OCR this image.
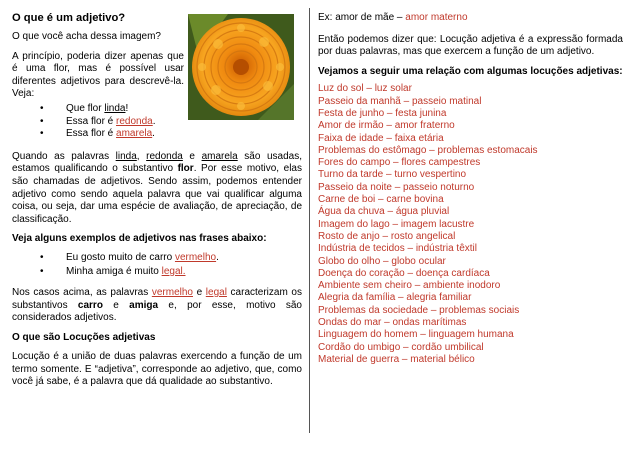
O que é um adjetivo?

O que você acha dessa imagem?

A princípio, poderia dizer apenas que é uma flor, mas é possível usar diferentes adjetivos para descrevê-la. Veja:

• Que flor linda!
• Essa flor é redonda.
• Essa flor é amarela.

Quando as palavras linda, redonda e amarela são usadas, estamos qualificando o substantivo flor. Por esse motivo, elas são chamadas de adjetivos. Sendo assim, podemos entender adjetivo como sendo aquela palavra que vai qualificar alguma coisa, ou seja, dar uma espécie de avaliação, de apreciação, de classificação.

Veja alguns exemplos de adjetivos nas frases abaixo:

• Eu gosto muito de carro vermelho.
• Minha amiga é muito legal.

Nos casos acima, as palavras vermelho e legal caracterizam os substantivos carro e amiga e, por esse, motivo são considerados adjetivos.

O que são Locuções adjetivas

Locução é a união de duas palavras exercendo a função de um termo somente. E “adjetiva”, corresponde ao adjetivo, que, como você já sabe, é a palavra que dá qualidade ao substantivo.

Ex: amor de mãe – amor materno

Então podemos dizer que: Locução adjetiva é a expressão formada por duas palavras, mas que exercem a função de um adjetivo.

Vejamos a seguir uma relação com algumas locuções adjetivas:

Luz do sol – luz solar

Passeio da manhã – passeio matinal

Festa de junho – festa junina

Amor de irmão – amor fraterno

Faixa de idade – faixa etária

Problemas do estômago – problemas estomacais

Fores do campo – flores campestres

Turno da tarde – turno vespertino

Passeio da noite – passeio noturno

Carne de boi – carne bovina

Água da chuva – água pluvial

Imagem do lago – imagem lacustre

Rosto de anjo – rosto angelical

Indústria de tecidos – indústria têxtil

Globo do olho – globo ocular

Doença do coração – doença cardíaca

Ambiente sem cheiro – ambiente inodoro

Alegria da família – alegria familiar

Problemas da sociedade – problemas sociais

Ondas do mar – ondas marítimas

Linguagem do homem – linguagem humana

Cordão do umbigo – cordão umbilical

Material de guerra – material bélico
